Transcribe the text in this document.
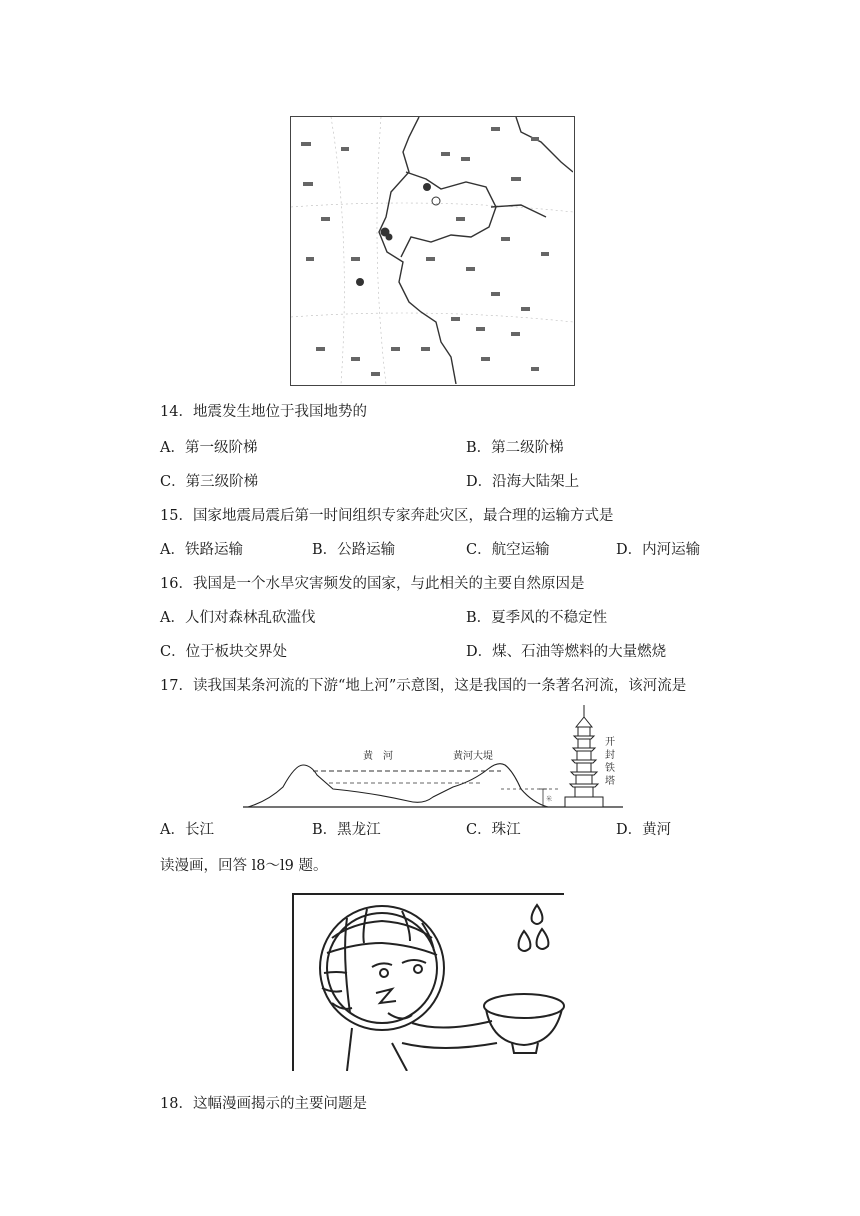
14．地震发生地位于我国地势的
A．第一级阶梯	B．第二级阶梯
C．第三级阶梯	D．沿海大陆架上
15．国家地震局震后第一时间组织专家奔赴灾区，最合理的运输方式是
A．铁路运输	B．公路运输	C．航空运输	D．内河运输
16．我国是一个水旱灾害频发的国家，与此相关的主要自然原因是
A．人们对森林乱砍滥伐	B．夏季风的不稳定性
C．位于板块交界处	D．煤、石油等燃料的大量燃烧
17．读我国某条河流的下游“地上河”示意图，这是我国的一条著名河流，该河流是
米
黄　河	黄河大堤
开
封
铁
塔
A．长江	B．黑龙江	C．珠江	D．黄河
读漫画，回答 l8～l9 题。
18．这幅漫画揭示的主要问题是
